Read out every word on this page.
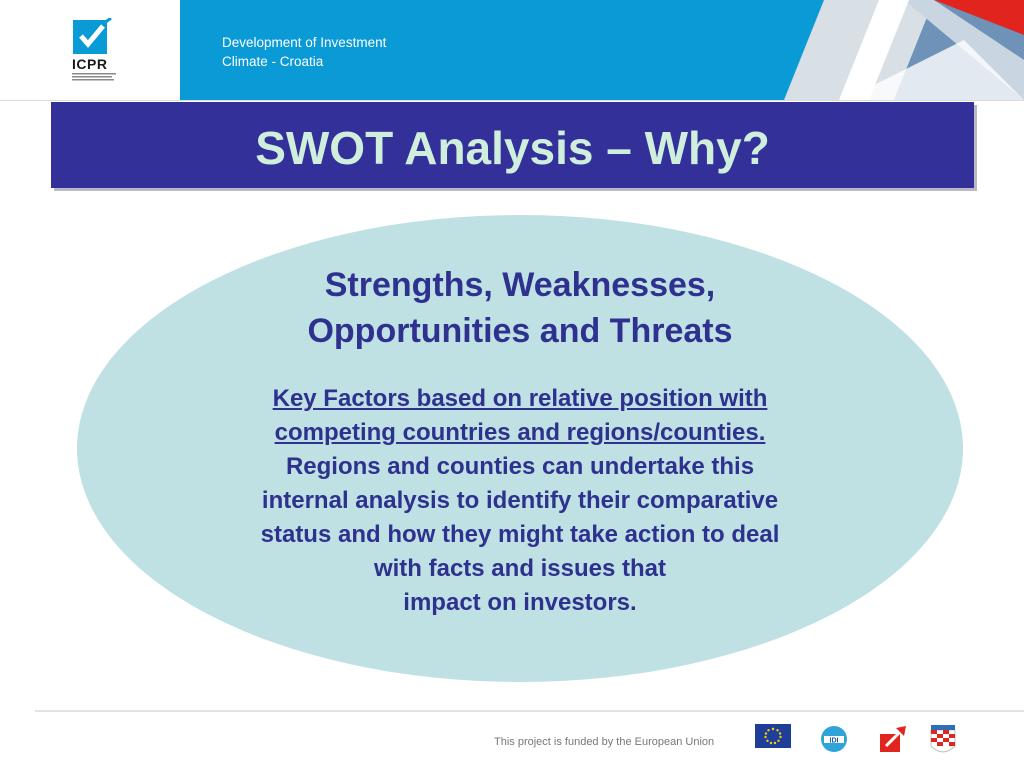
ICPR
Development of Investment
Climate - Croatia
SWOT Analysis – Why?
Strengths, Weaknesses,
Opportunities and Threats
Key Factors based on relative position with
competing countries and regions/counties.
Regions and counties can undertake this
internal analysis to identify their comparative
status and how they might take action to deal
with facts and issues that
impact on investors.
This project is funded by the European Union	IDI
